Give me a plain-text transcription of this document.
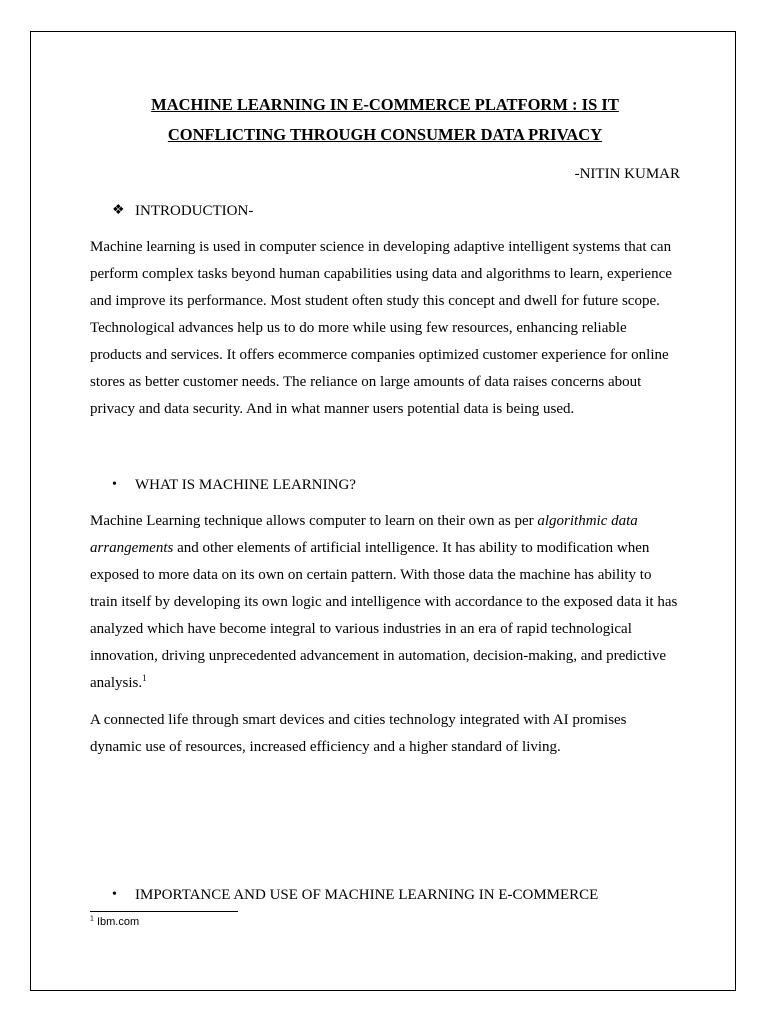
MACHINE LEARNING IN E-COMMERCE PLATFORM : IS IT
CONFLICTING THROUGH CONSUMER DATA PRIVACY
-NITIN KUMAR
❖ INTRODUCTION-

Machine learning is used in computer science in developing adaptive intelligent systems that can perform complex tasks beyond human capabilities using data and algorithms to learn, experience and improve its performance. Most student often study this concept and dwell for future scope. Technological advances help us to do more while using few resources, enhancing reliable products and services. It offers ecommerce companies optimized customer experience for online stores as better customer needs. The reliance on large amounts of data raises concerns about privacy and data security. And in what manner users potential data is being used.

• WHAT IS MACHINE LEARNING?

Machine Learning technique allows computer to learn on their own as per algorithmic data arrangements and other elements of artificial intelligence. It has ability to modification when exposed to more data on its own on certain pattern. With those data the machine has ability to train itself by developing its own logic and intelligence with accordance to the exposed data it has analyzed which have become integral to various industries in an era of rapid technological innovation, driving unprecedented advancement in automation, decision-making, and predictive analysis.$^1$

A connected life through smart devices and cities technology integrated with AI promises dynamic use of resources, increased efficiency and a higher standard of living.

• IMPORTANCE AND USE OF MACHINE LEARNING IN E-COMMERCE
$^1$ Ibm.com
